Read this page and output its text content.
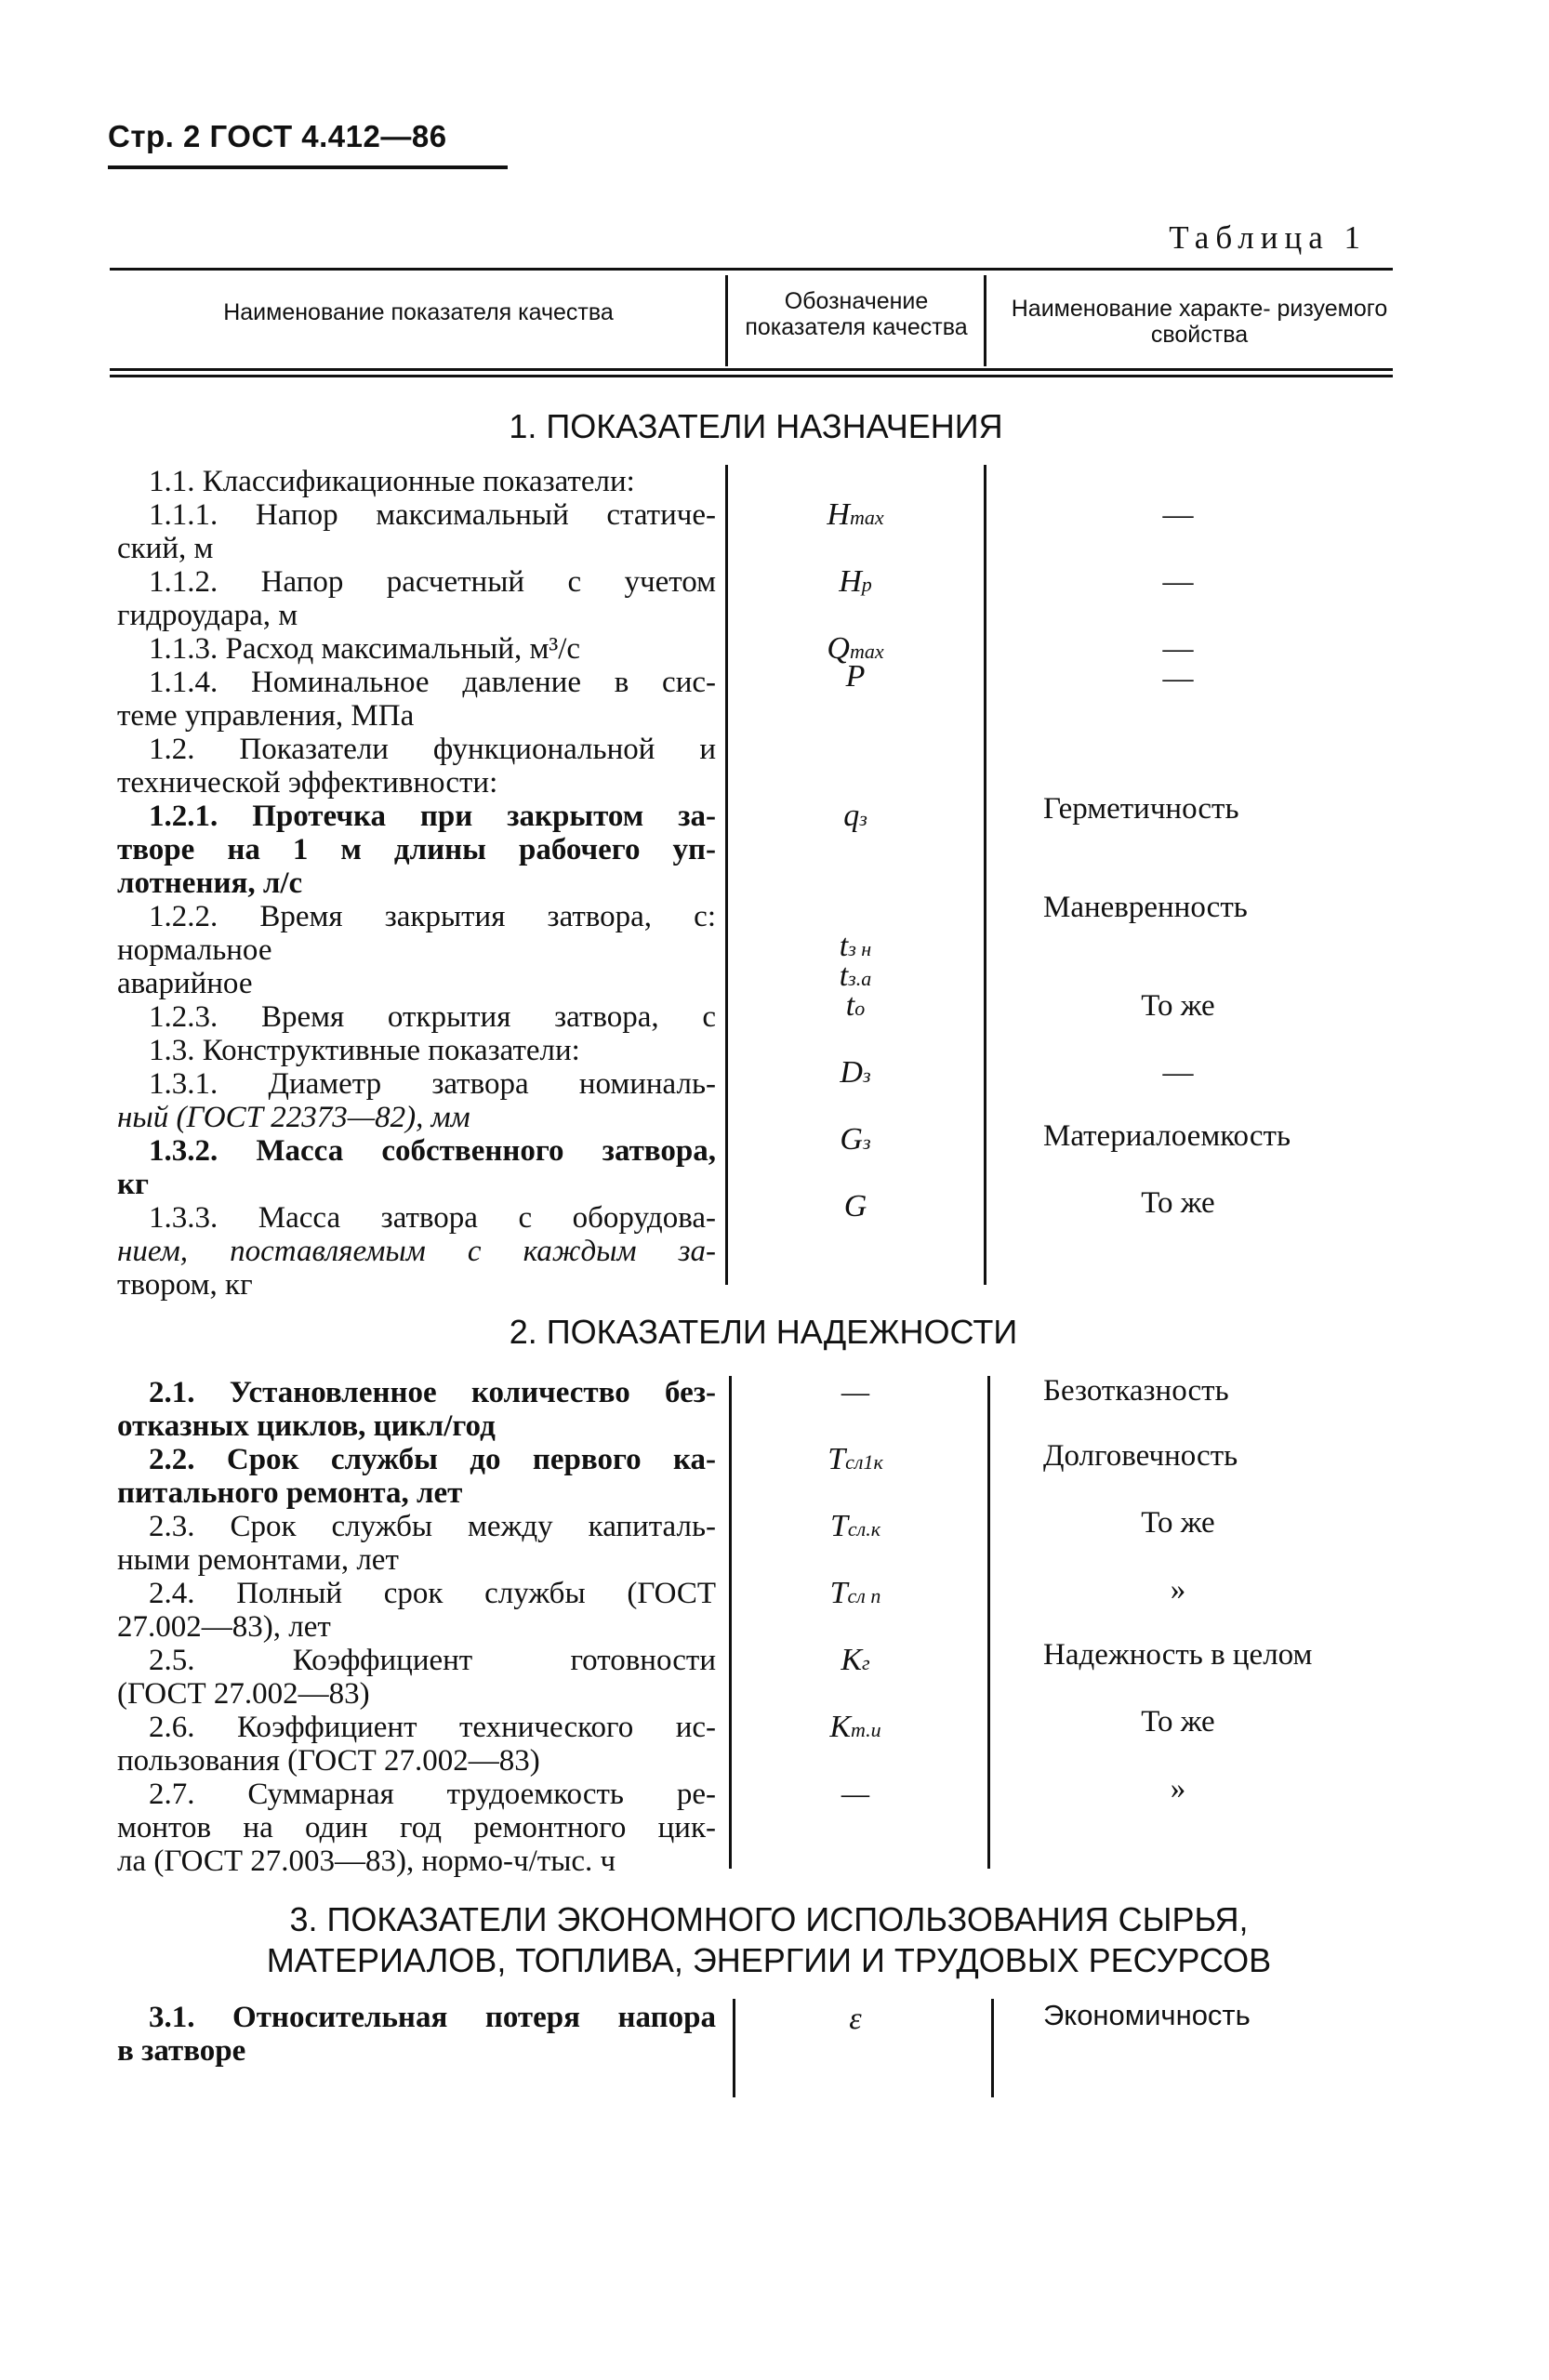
Стр. 2 ГОСТ 4.412—86
Таблица 1
Наименование показателя качества	Обозначение показателя качества
Наименование характе- ризуемого свойства
1. ПОКАЗАТЕЛИ НАЗНАЧЕНИЯ
1.1. Классификационные показатели:
1.1.1. Напор максимальный статиче-
ский, м
1.1.2. Напор расчетный с учетом
гидроудара, м
1.1.3. Расход максимальный, м³/с
1.1.4. Номинальное давление в сис-
теме управления, МПа
1.2. Показатели функциональной и
технической эффективности:
1.2.1. Протечка при закрытом за-
творе на 1 м длины рабочего уп-
лотнения, л/с
1.2.2. Время закрытия затвора, с:
нормальное
аварийное
1.2.3. Время открытия затвора, с
1.3. Конструктивные показатели:
1.3.1. Диаметр затвора номиналь-
ный (ГОСТ 22373—82), мм
1.3.2. Масса собственного затвора,
кг
1.3.3. Масса затвора с оборудова-
нием, поставляемым с каждым за-
твором, кг
Hmax
Hp
Qmax
P
qз
tз н
tз.а
tо
Dз
Gз
G
—
—
—
—
Герметичность
Маневренность
То же
—
Материалоемкость
То же
2. ПОКАЗАТЕЛИ НАДЕЖНОСТИ
2.1. Установленное количество без-
отказных циклов, цикл/год
2.2. Срок службы до первого ка-
питального ремонта, лет
2.3. Срок службы между капиталь-
ными ремонтами, лет
2.4. Полный срок службы (ГОСТ
27.002—83), лет
2.5. Коэффициент готовности
(ГОСТ 27.002—83)
2.6. Коэффициент технического ис-
пользования (ГОСТ 27.002—83)
2.7. Суммарная трудоемкость ре-
монтов на один год ремонтного цик-
ла (ГОСТ 27.003—83), нормо-ч/тыс. ч
—
Tсл1к
Tсл.к
Tсл п
Kг
Kт.и
—
Безотказность
Долговечность
То же
»
Надежность в целом
То же
»
3. ПОКАЗАТЕЛИ ЭКОНОМНОГО ИСПОЛЬЗОВАНИЯ СЫРЬЯ,
МАТЕРИАЛОВ, ТОПЛИВА, ЭНЕРГИИ И ТРУДОВЫХ РЕСУРСОВ
3.1. Относительная потеря напора
в затворе
ε	Экономичность
